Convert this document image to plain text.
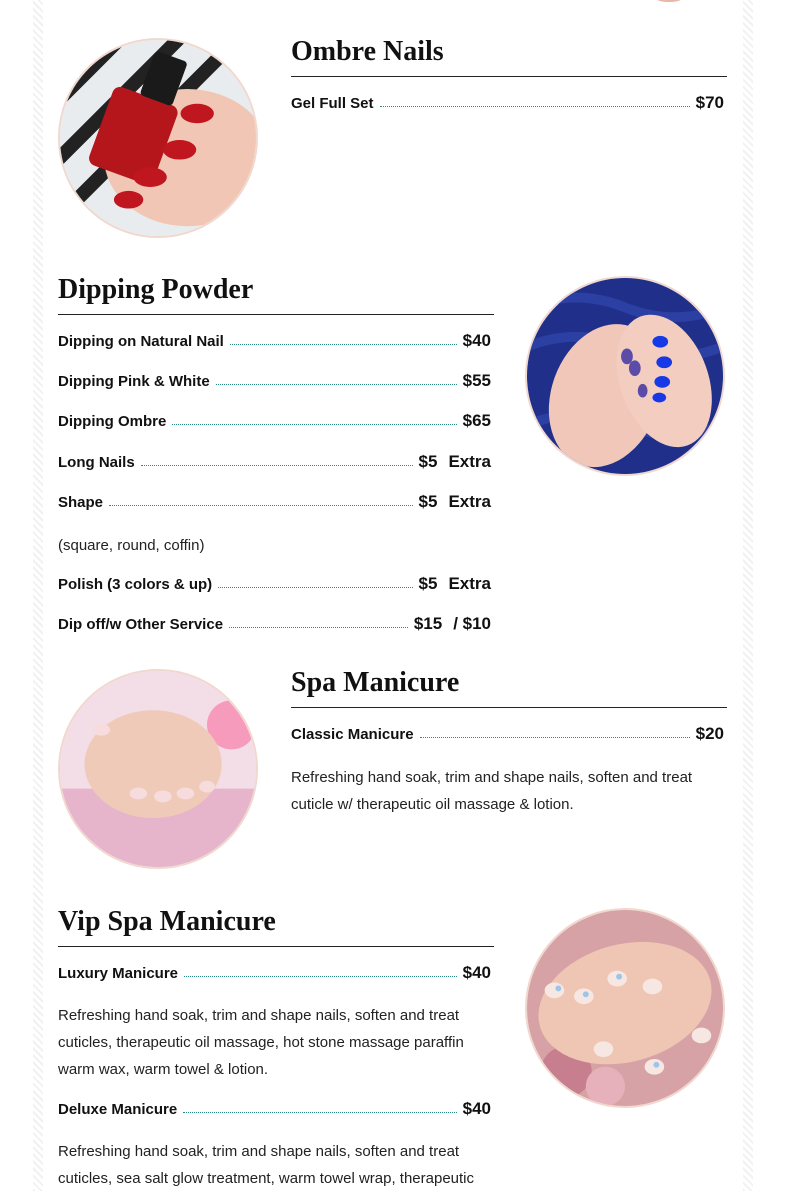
Ombre Nails
Gel Full Set	$70
Dipping Powder
Dipping on Natural Nail	$40
Dipping Pink & White	$55
Dipping Ombre	$65
Long Nails	$5 Extra
Shape	$5 Extra

(square, round, coffin)

Polish (3 colors & up)	$5 Extra
Dip off/w Other Service	$15 / $10
Spa Manicure
Classic Manicure	$20

Refreshing hand soak, trim and shape nails, soften and treat cuticle w/ therapeutic oil massage & lotion.

Vip Spa Manicure
Luxury Manicure	$40

Refreshing hand soak, trim and shape nails, soften and treat cuticles, therapeutic oil massage, hot stone massage paraffin warm wax, warm towel & lotion.

Deluxe Manicure	$40

Refreshing hand soak, trim and shape nails, soften and treat cuticles, sea salt glow treatment, warm towel wrap, therapeutic
